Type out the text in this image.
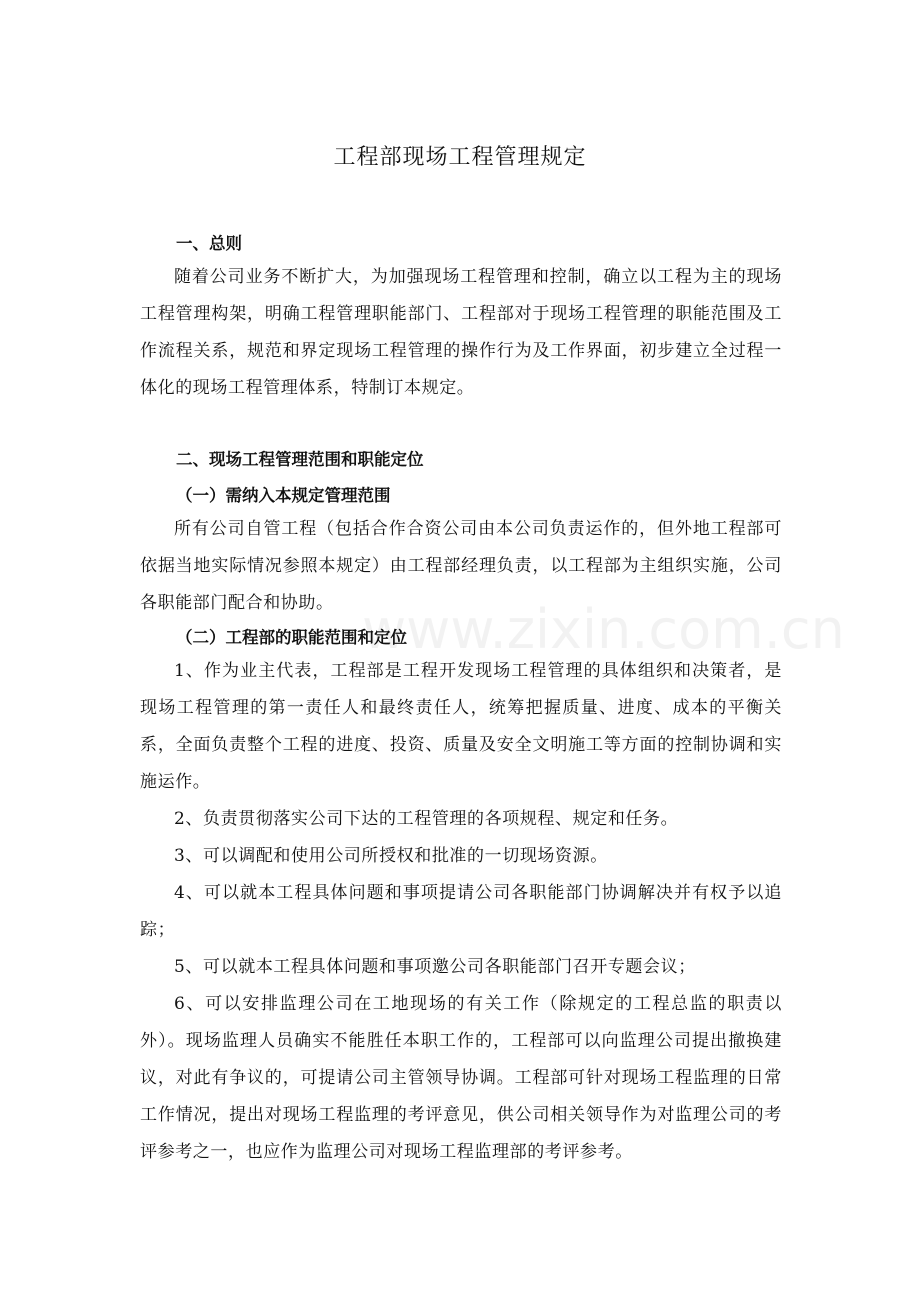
www.zixin.com.cn
工程部现场工程管理规定
一、总则
随着公司业务不断扩大，为加强现场工程管理和控制，确立以工程为主的现场工程管理构架，明确工程管理职能部门、工程部对于现场工程管理的职能范围及工作流程关系，规范和界定现场工程管理的操作行为及工作界面，初步建立全过程一体化的现场工程管理体系，特制订本规定。
二、现场工程管理范围和职能定位
（一）需纳入本规定管理范围
所有公司自管工程（包括合作合资公司由本公司负责运作的，但外地工程部可依据当地实际情况参照本规定）由工程部经理负责，以工程部为主组织实施，公司各职能部门配合和协助。
（二）工程部的职能范围和定位
1、作为业主代表，工程部是工程开发现场工程管理的具体组织和决策者，是现场工程管理的第一责任人和最终责任人，统筹把握质量、进度、成本的平衡关系，全面负责整个工程的进度、投资、质量及安全文明施工等方面的控制协调和实施运作。
2、负责贯彻落实公司下达的工程管理的各项规程、规定和任务。
3、可以调配和使用公司所授权和批准的一切现场资源。
4、可以就本工程具体问题和事项提请公司各职能部门协调解决并有权予以追踪；
5、可以就本工程具体问题和事项邀公司各职能部门召开专题会议；
6、可以安排监理公司在工地现场的有关工作（除规定的工程总监的职责以外）。现场监理人员确实不能胜任本职工作的，工程部可以向监理公司提出撤换建议，对此有争议的，可提请公司主管领导协调。工程部可针对现场工程监理的日常工作情况，提出对现场工程监理的考评意见，供公司相关领导作为对监理公司的考评参考之一，也应作为监理公司对现场工程监理部的考评参考。
